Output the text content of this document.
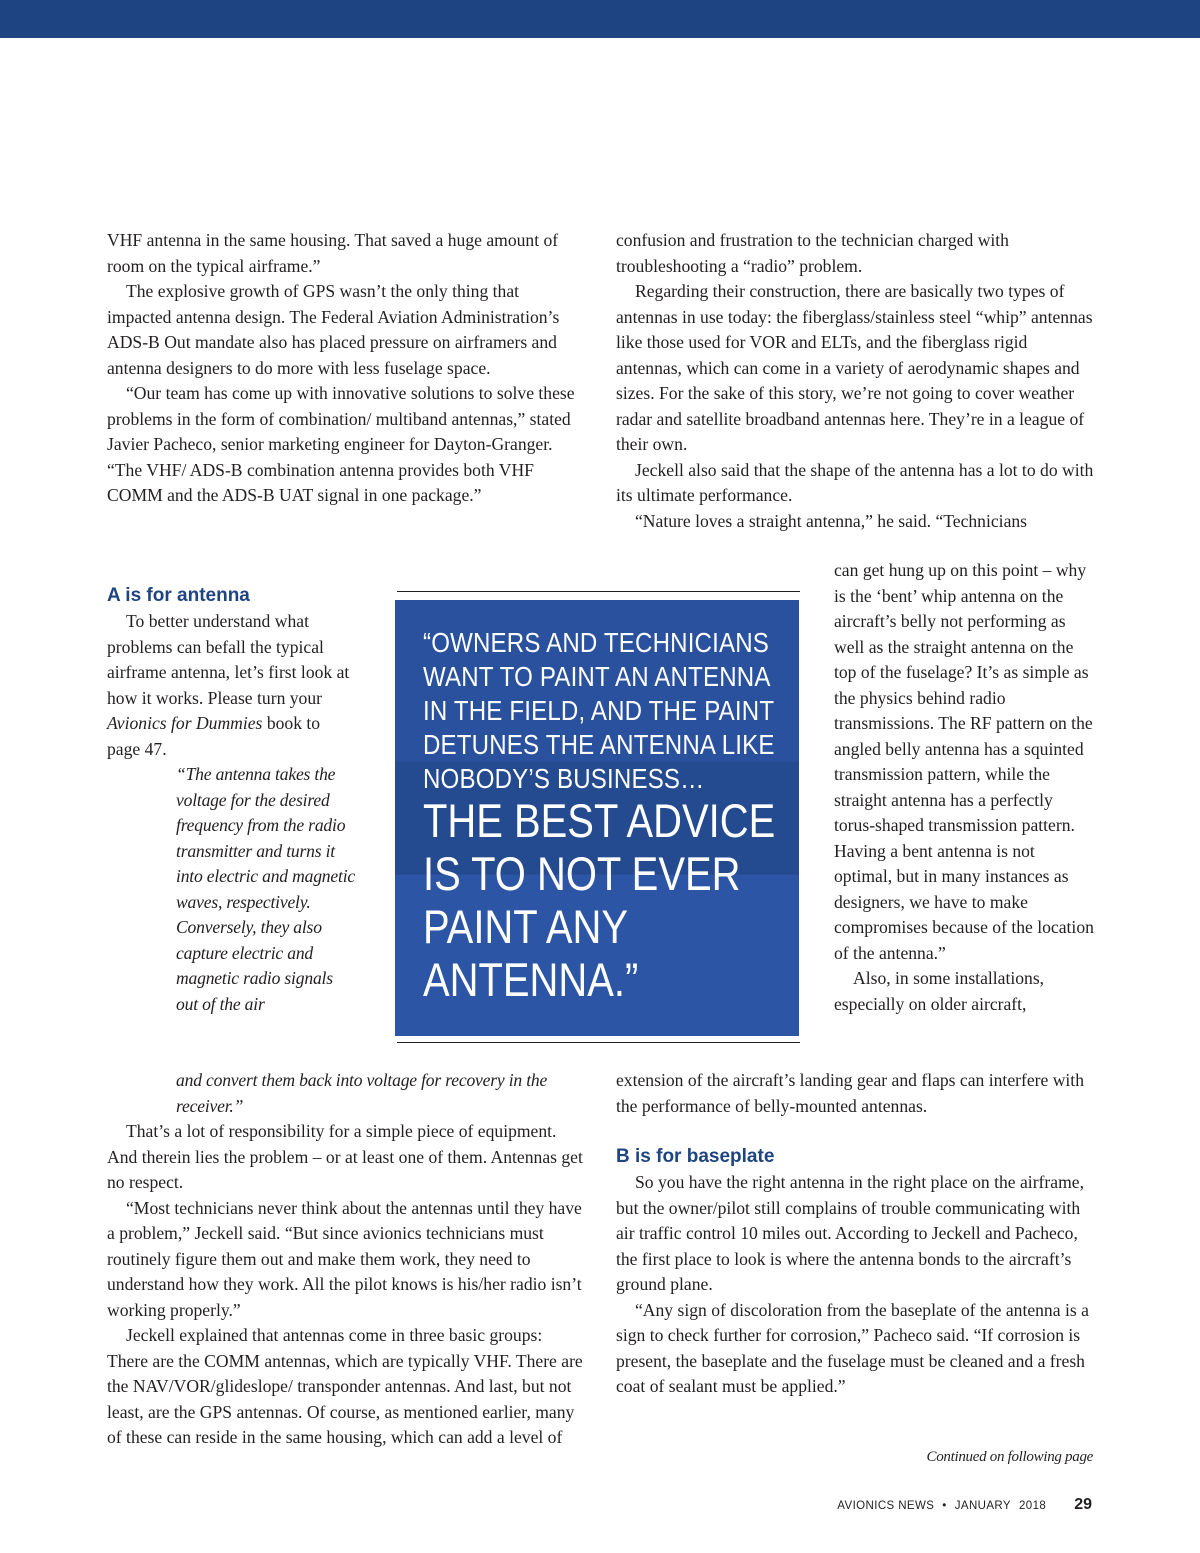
VHF antenna in the same housing. That saved a huge amount of room on the typical airframe.”

The explosive growth of GPS wasn’t the only thing that impacted antenna design. The Federal Aviation Administration’s ADS-B Out mandate also has placed pressure on airframers and antenna designers to do more with less fuselage space.

“Our team has come up with innovative solutions to solve these problems in the form of combination/ multiband antennas,” stated Javier Pacheco, senior marketing engineer for Dayton-Granger. “The VHF/ ADS-B combination antenna provides both VHF COMM and the ADS-B UAT signal in one package.”

A is for antenna

To better understand what problems can befall the typical airframe antenna, let’s first look at how it works. Please turn your Avionics for Dummies book to page 47.

“The antenna takes the voltage for the desired frequency from the radio transmitter and turns it into electric and magnetic waves, respectively. Conversely, they also capture electric and magnetic radio signals out of the air
and convert them back into voltage for recovery in the receiver.”

That’s a lot of responsibility for a simple piece of equipment. And therein lies the problem – or at least one of them. Antennas get no respect.

“Most technicians never think about the antennas until they have a problem,” Jeckell said. “But since avionics technicians must routinely figure them out and make them work, they need to understand how they work. All the pilot knows is his/her radio isn’t working properly.”

Jeckell explained that antennas come in three basic groups: There are the COMM antennas, which are typically VHF. There are the NAV/VOR/glideslope/ transponder antennas. And last, but not least, are the GPS antennas. Of course, as mentioned earlier, many of these can reside in the same housing, which can add a level of

confusion and frustration to the technician charged with troubleshooting a “radio” problem.

Regarding their construction, there are basically two types of antennas in use today: the fiberglass/stainless steel “whip” antennas like those used for VOR and ELTs, and the fiberglass rigid antennas, which can come in a variety of aerodynamic shapes and sizes. For the sake of this story, we’re not going to cover weather radar and satellite broadband antennas here. They’re in a league of their own.

Jeckell also said that the shape of the antenna has a lot to do with its ultimate performance.

“Nature loves a straight antenna,” he said. “Technicians

can get hung up on this point – why is the ‘bent’ whip antenna on the aircraft’s belly not performing as well as the straight antenna on the top of the fuselage? It’s as simple as the physics behind radio transmissions. The RF pattern on the angled belly antenna has a squinted transmission pattern, while the straight antenna has a perfectly torus-shaped transmission pattern. Having a bent antenna is not optimal, but in many instances as designers, we have to make compromises because of the location of the antenna.”

Also, in some installations, especially on older aircraft,

extension of the aircraft’s landing gear and flaps can interfere with the performance of belly-mounted antennas.

B is for baseplate

So you have the right antenna in the right place on the airframe, but the owner/pilot still complains of trouble communicating with air traffic control 10 miles out. According to Jeckell and Pacheco, the first place to look is where the antenna bonds to the aircraft’s ground plane.

“Any sign of discoloration from the baseplate of the antenna is a sign to check further for corrosion,” Pacheco said. “If corrosion is present, the baseplate and the fuselage must be cleaned and a fresh coat of sealant must be applied.”

“OWNERS AND TECHNICIANS
WANT TO PAINT AN ANTENNA
IN THE FIELD, AND THE PAINT
DETUNES THE ANTENNA LIKE
NOBODY’S BUSINESS…
THE BEST ADVICE
IS TO NOT EVER
PAINT ANY
ANTENNA.”
Continued on following page
AVIONICS NEWS • JANUARY 2018 29
